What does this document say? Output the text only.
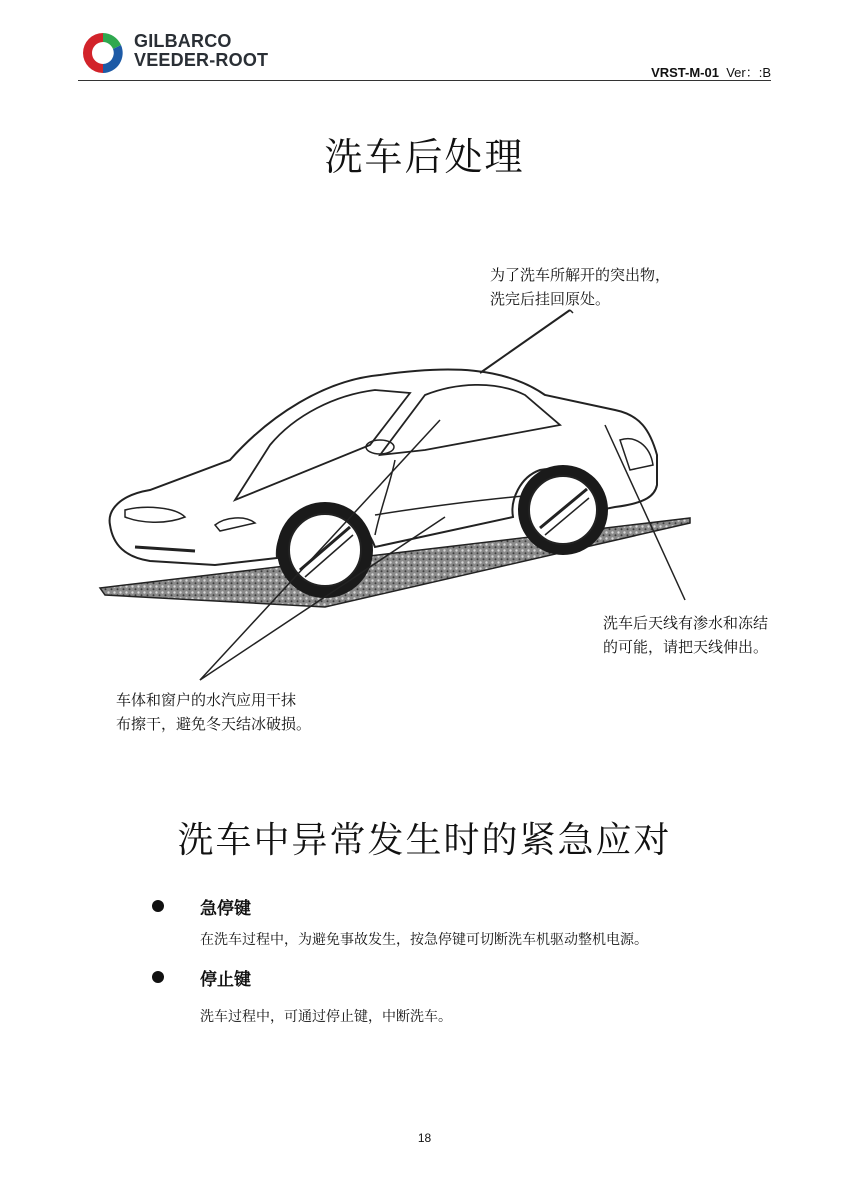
GILBARCO
VEEDER-ROOT
VRST-M-01 Ver：:B
洗车后处理
为了洗车所解开的突出物，
洗完后挂回原处。
洗车后天线有渗水和冻结
的可能，请把天线伸出。
车体和窗户的水汽应用干抹
布擦干，避免冬天结冰破损。
洗车中异常发生时的紧急应对
急停键
在洗车过程中，为避免事故发生，按急停键可切断洗车机驱动整机电源。
停止键
洗车过程中，可通过停止键，中断洗车。
18
